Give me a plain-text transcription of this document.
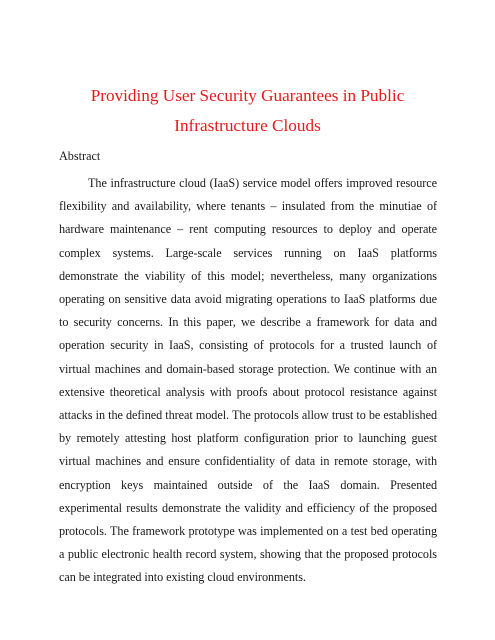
Providing User Security Guarantees in Public
Infrastructure Clouds

Abstract

The infrastructure cloud (IaaS) service model offers improved resource flexibility and availability, where tenants – insulated from the minutiae of hardware maintenance – rent computing resources to deploy and operate complex systems. Large-scale services running on IaaS platforms demonstrate the viability of this model; nevertheless, many organizations operating on sensitive data avoid migrating operations to IaaS platforms due to security concerns. In this paper, we describe a framework for data and operation security in IaaS, consisting of protocols for a trusted launch of virtual machines and domain-based storage protection. We continue with an extensive theoretical analysis with proofs about protocol resistance against attacks in the defined threat model. The protocols allow trust to be established by remotely attesting host platform configuration prior to launching guest virtual machines and ensure confidentiality of data in remote storage, with encryption keys maintained outside of the IaaS domain. Presented experimental results demonstrate the validity and efficiency of the proposed protocols. The framework prototype was implemented on a test bed operating a public electronic health record system, showing that the proposed protocols can be integrated into existing cloud environments.
